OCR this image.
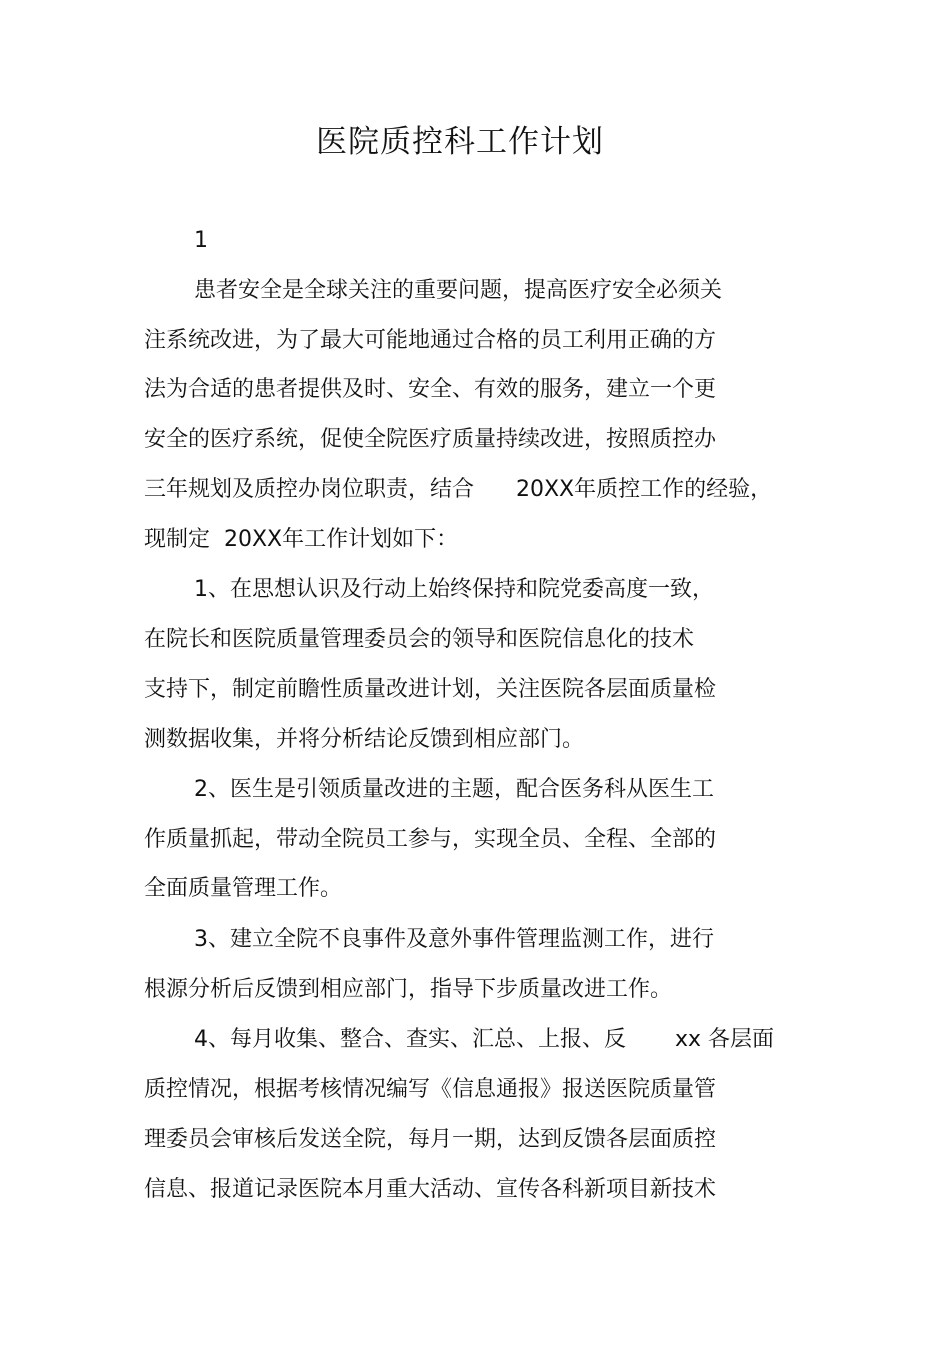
医院质控科工作计划

1

患者安全是全球关注的重要问题，提高医疗安全必须关

注系统改进，为了最大可能地通过合格的员工利用正确的方

法为合适的患者提供及时、安全、有效的服务，建立一个更

安全的医疗系统，促使全院医疗质量持续改进，按照质控办

三年规划及质控办岗位职责，结合      20XX年质控工作的经验，

现制定  20XX年工作计划如下：

1、在思想认识及行动上始终保持和院党委高度一致，

在院长和医院质量管理委员会的领导和医院信息化的技术

支持下，制定前瞻性质量改进计划，关注医院各层面质量检

测数据收集，并将分析结论反馈到相应部门。

2、医生是引领质量改进的主题，配合医务科从医生工

作质量抓起，带动全院员工参与，实现全员、全程、全部的

全面质量管理工作。

3、建立全院不良事件及意外事件管理监测工作，进行

根源分析后反馈到相应部门，指导下步质量改进工作。

4、每月收集、整合、查实、汇总、上报、反       xx 各层面

质控情况，根据考核情况编写《信息通报》报送医院质量管

理委员会审核后发送全院，每月一期，达到反馈各层面质控

信息、报道记录医院本月重大活动、宣传各科新项目新技术
